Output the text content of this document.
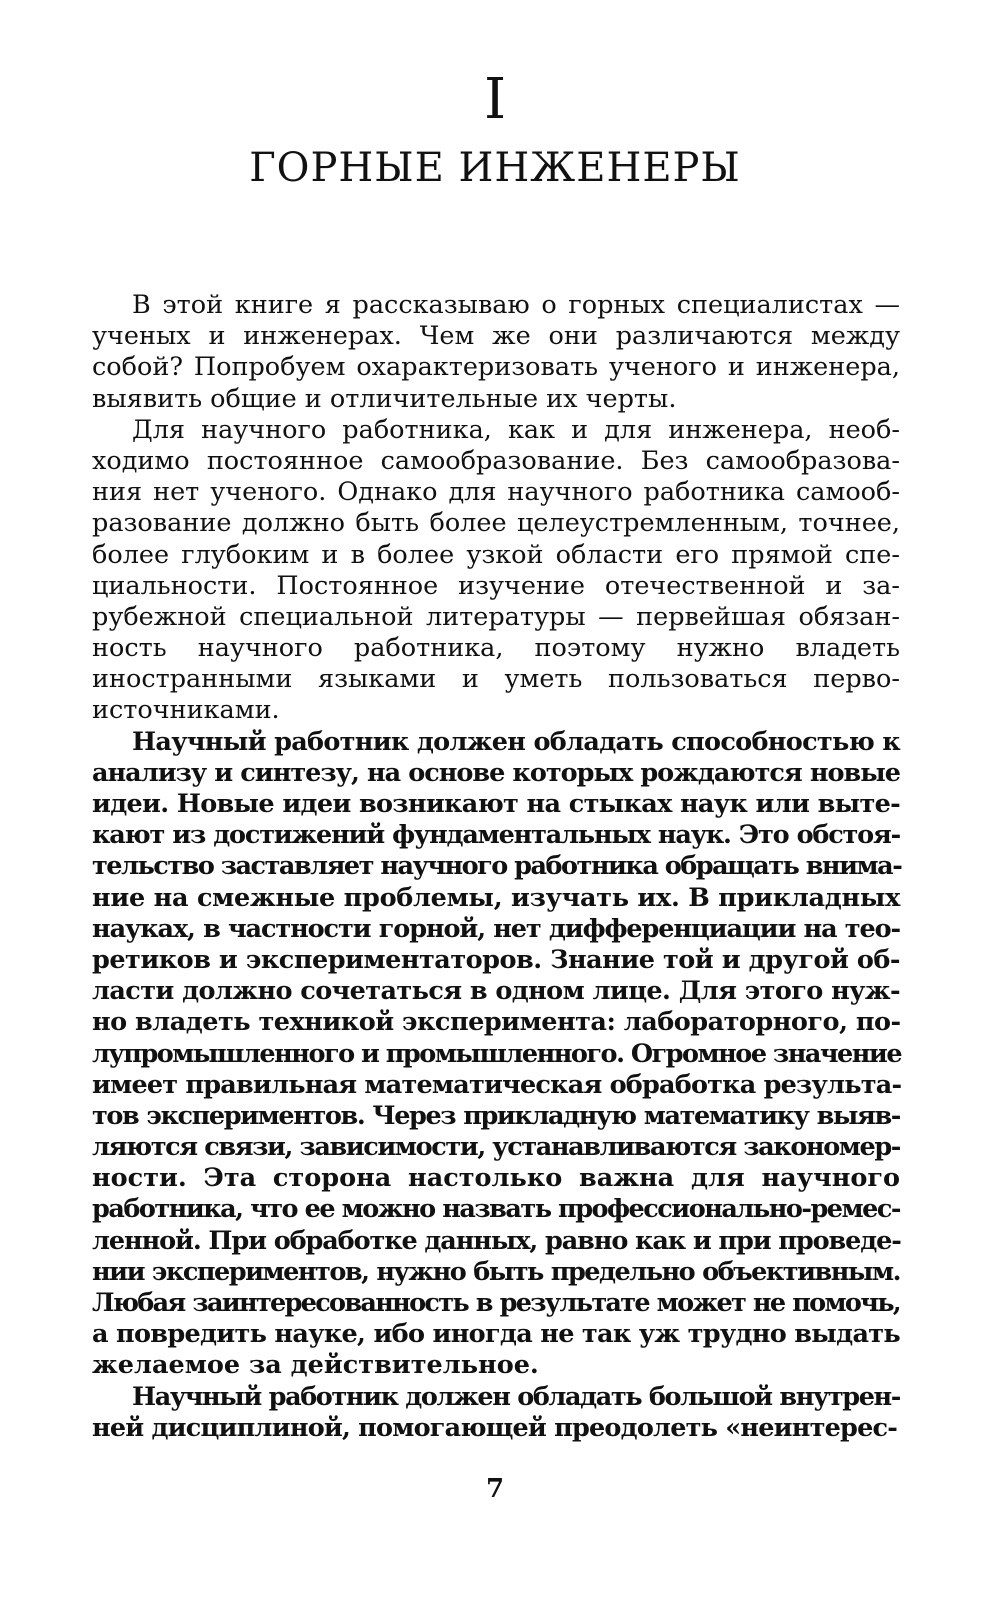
I
ГОРНЫЕ ИНЖЕНЕРЫ
В этой книге я рассказываю о горных специалистах —
ученых и инженерах. Чем же они различаются между
собой? Попробуем охарактеризовать ученого и инженера,
выявить общие и отличительные их черты.
Для научного работника, как и для инженера, необ-
ходимо постоянное самообразование. Без самообразова-
ния нет ученого. Однако для научного работника самооб-
разование должно быть более целеустремленным, точнее,
более глубоким и в более узкой области его прямой спе-
циальности. Постоянное изучение отечественной и за-
рубежной специальной литературы — первейшая обязан-
ность научного работника, поэтому нужно владеть
иностранными языками и уметь пользоваться перво-
источниками.
Научный работник должен обладать способностью к
анализу и синтезу, на основе которых рождаются новые
идеи. Новые идеи возникают на стыках наук или выте-
кают из достижений фундаментальных наук. Это обстоя-
тельство заставляет научного работника обращать внима-
ние на смежные проблемы, изучать их. В прикладных
науках, в частности горной, нет дифференциации на тео-
ретиков и экспериментаторов. Знание той и другой об-
ласти должно сочетаться в одном лице. Для этого нуж-
но владеть техникой эксперимента: лабораторного, по-
лупромышленного и промышленного. Огромное значение
имеет правильная математическая обработка результа-
тов экспериментов. Через прикладную математику выяв-
ляются связи, зависимости, устанавливаются закономер-
ности. Эта сторона настолько важна для научного
работника, что ее можно назвать профессионально-ремес-
ленной. При обработке данных, равно как и при проведе-
нии экспериментов, нужно быть предельно объективным.
Любая заинтересованность в результате может не помочь,
а повредить науке, ибо иногда не так уж трудно выдать
желаемое за действительное.
Научный работник должен обладать большой внутрен-
ней дисциплиной, помогающей преодолеть «неинтерес-
7
